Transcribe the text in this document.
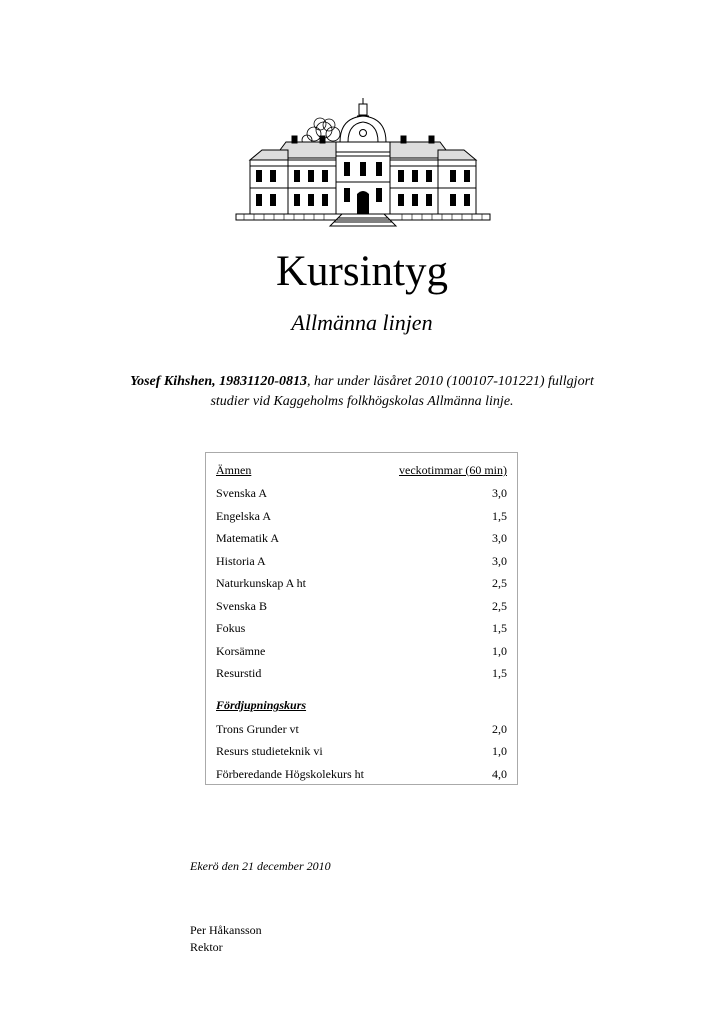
Kursintyg
Allmänna linjen
Yosef Kihshen, 19831120-0813, har under läsåret 2010 (100107-101221) fullgjort
studier vid Kaggeholms folkhögskolas Allmänna linje.
Ämnen	veckotimmar (60 min)
Svenska A	3,0
Engelska A	1,5
Matematik A	3,0
Historia A	3,0
Naturkunskap A ht	2,5
Svenska B	2,5
Fokus	1,5
Korsämne	1,0
Resurstid	1,5
Fördjupningskurs
Trons Grunder vt	2,0
Resurs studieteknik vi	1,0
Förberedande Högskolekurs ht	4,0
Ekerö den 21 december 2010
Per Håkansson
Rektor
